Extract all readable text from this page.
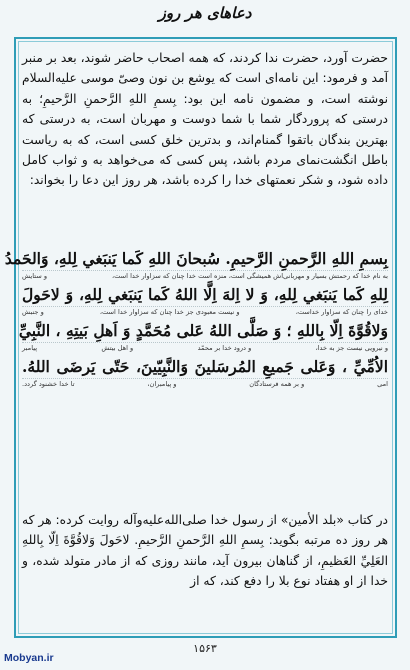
دعاهای هر روز

حضرت آورد، حضرت ندا کردند، که همه اصحاب حاضر شوند، بعد بر منبر آمد و فرمود: این نامه‌ای است که یوشع بن نون وصیّ موسی عليه‌السلام نوشته است، و مضمون نامه این بود: بِسمِ اللهِ الرَّحمنِ الرَّحيمِ؛ به درستی که پروردگار شما با شما دوست و مهربان است، به درستی که بهترین بندگان باتقوا گمنام‌اند، و بدترین خلق کسی است، که به ریاست باطل انگشت‌نمای مردم باشد، پس کسی که می‌خواهد به و ثواب کامل داده شود، و شکر نعمتهای خدا را کرده باشد، هر روز این دعا را بخواند:

بِسمِ اللهِ الرَّحمنِ الرَّحيمِ. سُبحانَ اللهِ كَما يَنبَغي لِلهِ، وَالحَمدُ
به نام خدا که رحمتش بسیار و مهربانی‌اش همیشگی است، منزه است خدا چنان که سزاوار خدا است،
و ستایش
لِلهِ كَما يَنبَغي لِلهِ، وَ لا اِلهَ اِلَّا اللهُ كَما يَنبَغي لِلهِ، وَ لاحَولَ
خدای را چنان که سزاوار خداست،
و نیست معبودی جز خدا چنان که سزاوار خدا است،
و جنبش
وَلاقُوَّةَ اِلّا بِاللهِ ؛ وَ صَلَّى اللهُ عَلى مُحَمَّدٍ وَ اَهلِ بَيتِهِ ، النَّبِيِّ
و نیرویی نیست جز به خدا،
و درود خدا بر محمّد
و اهل بیتش
پیامبر
الاُمِّيِّ ، وَعَلى جَميعِ المُرسَلينَ وَالنَّبِيّينَ، حَتّى يَرضَى اللهُ.
امی
و بر همه فرستادگان
و پیامبران،
تا خدا خشنود گردد.

در کتاب «بلد الأمين» از رسول خدا صلی‌الله‌علیه‌وآله روایت کرده: هر که هر روز ده مرتبه بگوید: بِسمِ اللهِ الرَّحمنِ الرَّحيمِ. لاحَولَ وَلاقُوَّةَ اِلّا بِاللهِ العَلِيِّ العَظيمِ، از گناهان بیرون آید، مانند روزی که از مادر متولد شده، و خدا از او هفتاد نوع بلا را دفع کند، که از

۱۵۶۳
Mobyan.ir
